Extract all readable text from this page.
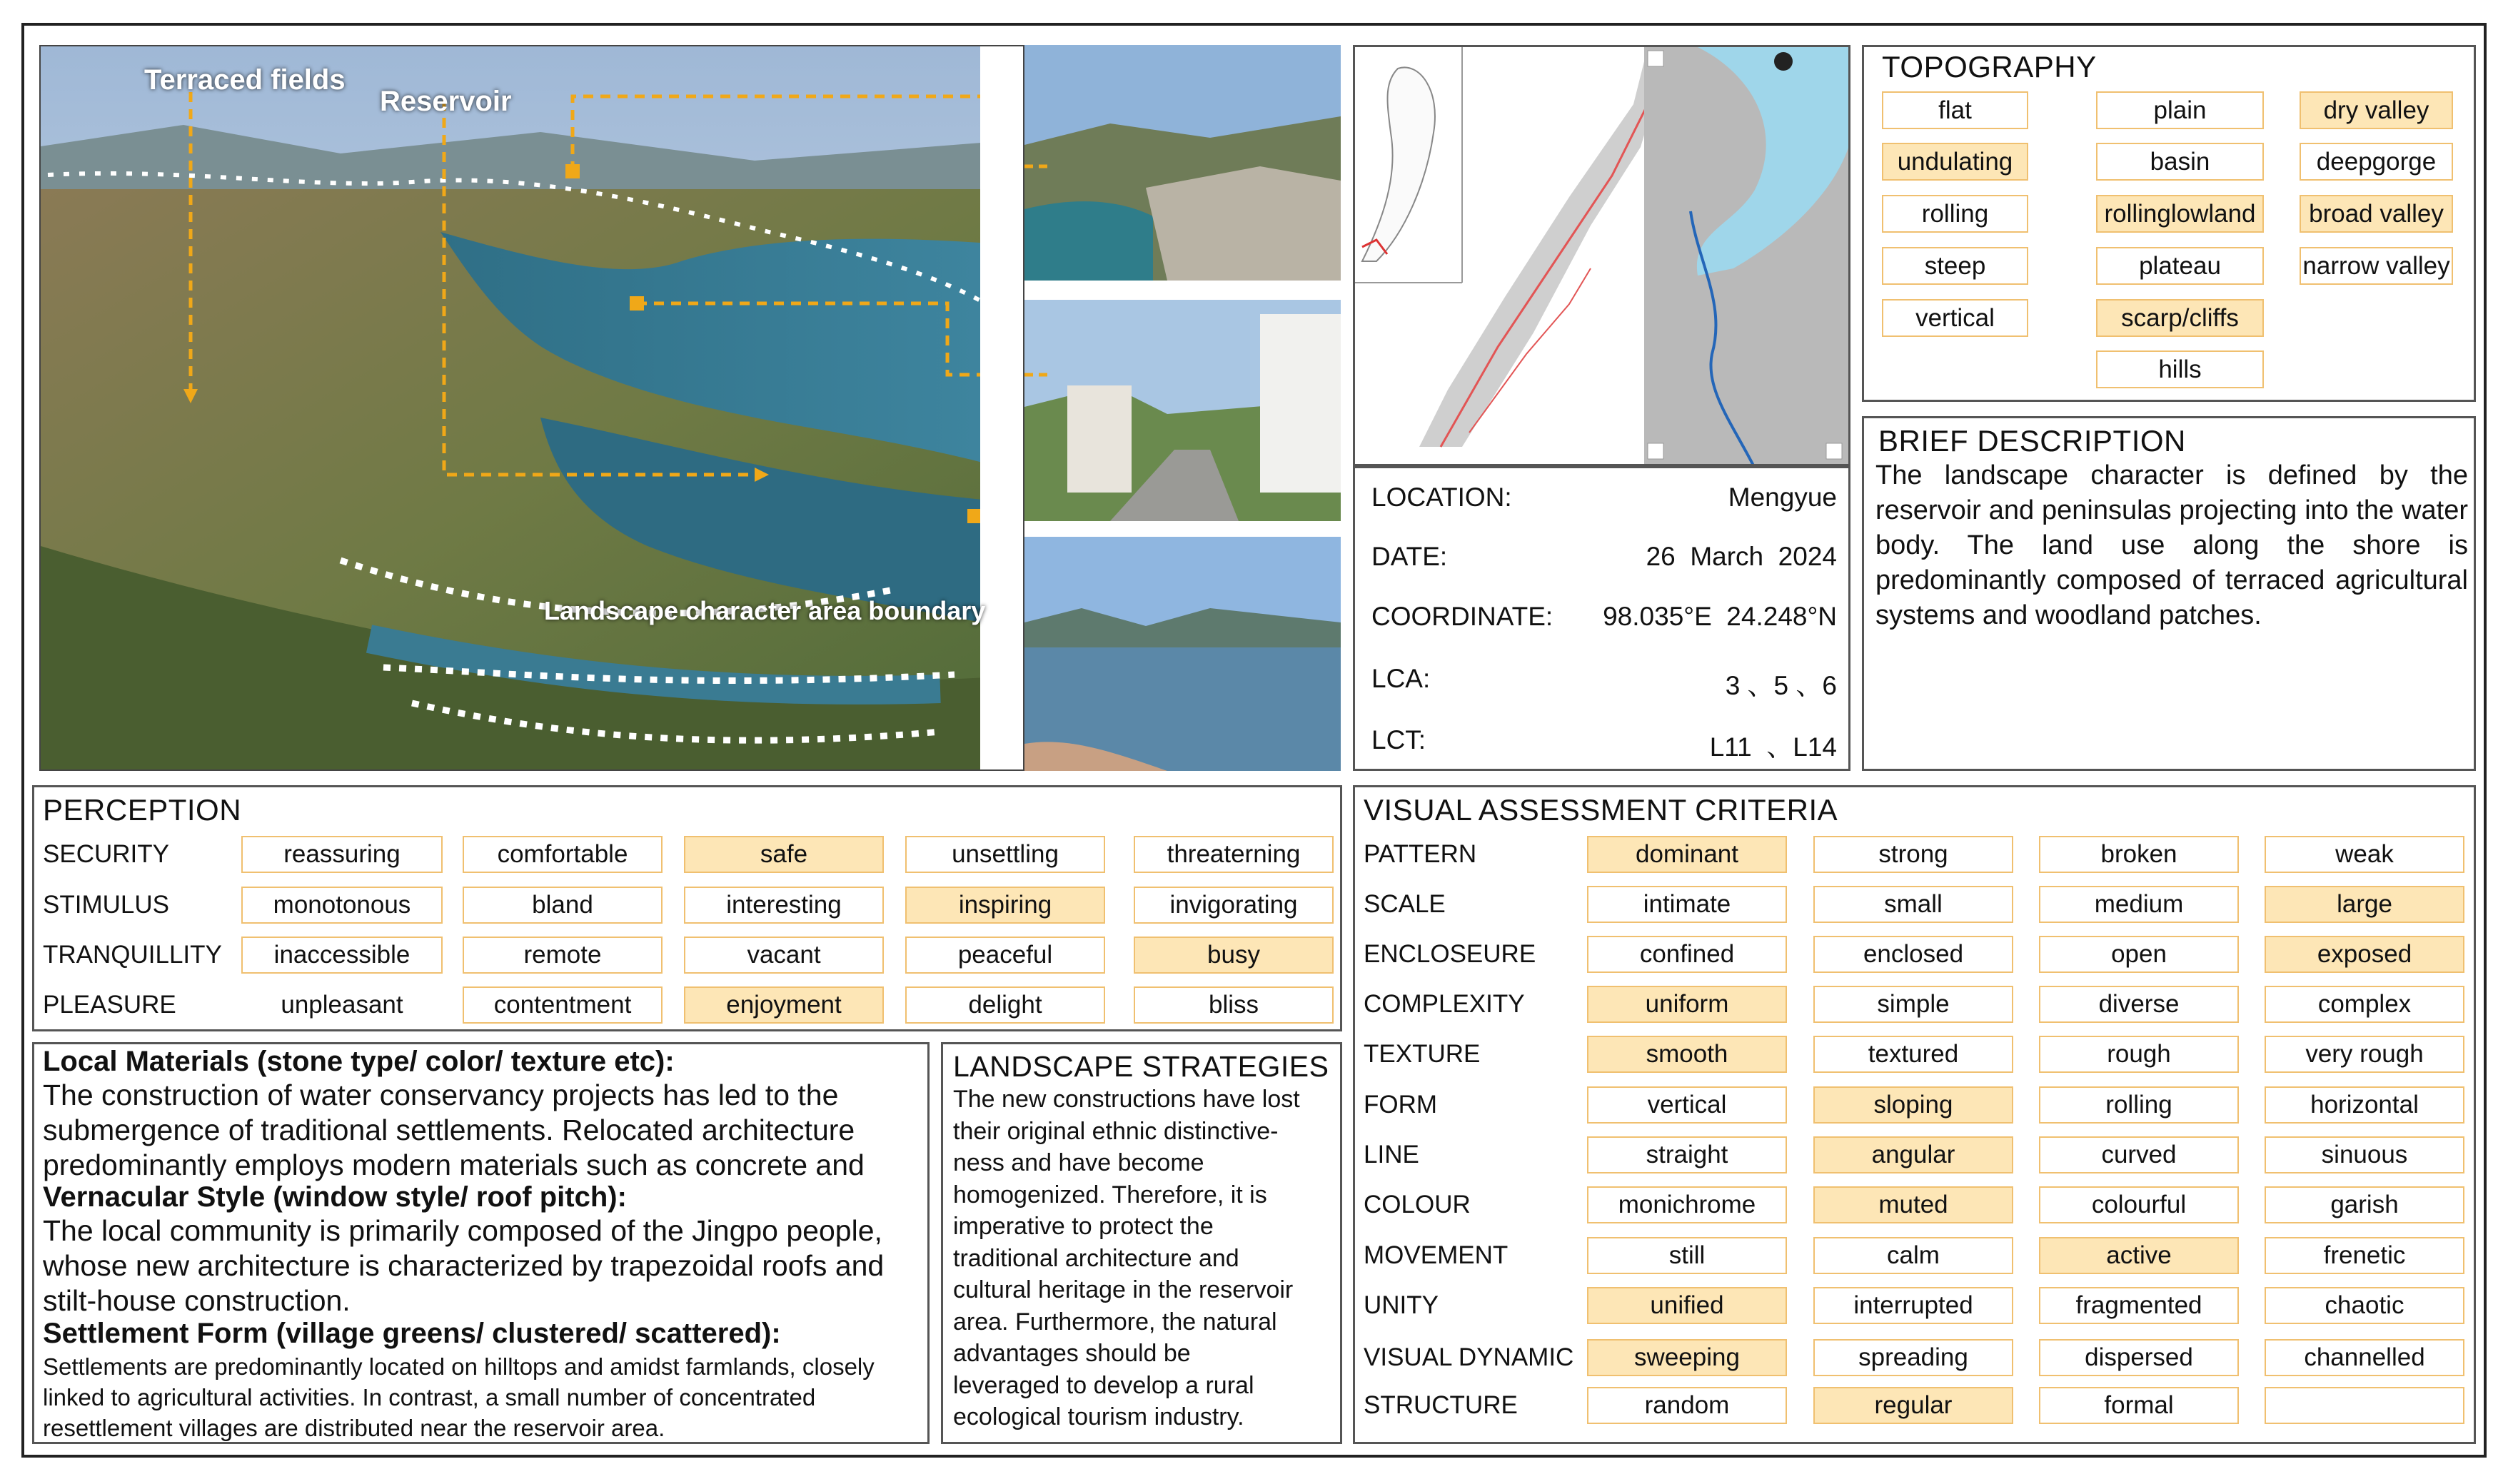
Terraced fields
Reservoir
Landscape character area boundary
LOCATION:	Mengyue
DATE:	26  March  2024
COORDINATE: 98.035°E  24.248°N
LCA:	3 、5 、6
LCT:	L11  、L14
TOPOGRAPHY
flat	plain	dry valley
undulating	basin	deepgorge
rolling	rollinglowland	broad valley
steep	plateau	narrow valley
vertical	scarp/cliffs
hills
BRIEF DESCRIPTION
The landscape character is defined by the reservoir and peninsulas projecting into the water body. The land use along the shore is predominantly composed of terraced agricultural systems and woodland patches.
PERCEPTION
SECURITY	reassuring	comfortable	safe	unsettling	threaterning
STIMULUS	monotonous	bland	interesting	inspiring	invigorating
TRANQUILLITY	inaccessible	remote	vacant	peaceful	busy
PLEASURE	unpleasant	contentment	enjoyment	delight	bliss
Local Materials (stone type/ color/ texture etc):
The construction of water conservancy projects has led to the submergence of traditional settlements. Relocated architecture predominantly employs modern materials such as concrete and
Vernacular Style (window style/ roof pitch):
The local community is primarily composed of the Jingpo people, whose new architecture is characterized by trapezoidal roofs and stilt-house construction.
Settlement Form (village greens/ clustered/ scattered):
Settlements are predominantly located on hilltops and amidst farmlands, closely linked to agricultural activities. In contrast, a small number of concentrated resettlement villages are distributed near the reservoir area.
LANDSCAPE STRATEGIES
The new constructions have lost
their original ethnic distinctive-
ness and have become
homogenized. Therefore, it is
imperative to protect the
traditional architecture and
cultural heritage in the reservoir
area. Furthermore, the natural
advantages should be
leveraged to develop a rural
ecological tourism industry.
VISUAL ASSESSMENT CRITERIA
PATTERN	dominant	strong	broken	weak
SCALE	intimate	small	medium	large
ENCLOSEURE	confined	enclosed	open	exposed
COMPLEXITY	uniform	simple	diverse	complex
TEXTURE	smooth	textured	rough	very rough
FORM	vertical	sloping	rolling	horizontal
LINE	straight	angular	curved	sinuous
COLOUR	monichrome	muted	colourful	garish
MOVEMENT	still	calm	active	frenetic
UNITY	unified	interrupted	fragmented	chaotic
VISUAL DYNAMIC	sweeping	spreading	dispersed	channelled
STRUCTURE	random	regular	formal
